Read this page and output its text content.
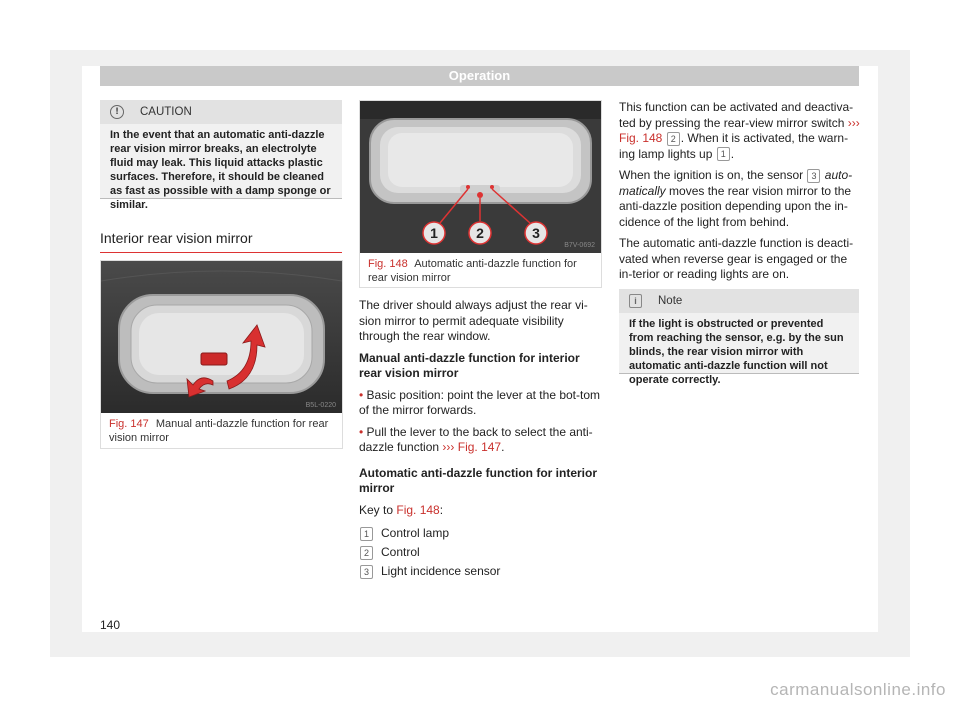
Operation
!	CAUTION
In the event that an automatic anti-dazzle rear vision mirror breaks, an electrolyte fluid may leak. This liquid attacks plastic surfaces. Therefore, it should be cleaned as fast as possible with a damp sponge or similar.
Interior rear vision mirror
B5L-0220
Fig. 147 Manual anti-dazzle function for rear vision mirror
1	2	3
B7V-0692
Fig. 148 Automatic anti-dazzle function for rear vision mirror

The driver should always adjust the rear vi-sion mirror to permit adequate visibility through the rear window.

Manual anti-dazzle function for interior rear vision mirror

• Basic position: point the lever at the bot-tom of the mirror forwards.

• Pull the lever to the back to select the anti-dazzle function ››› Fig. 147.

Automatic anti-dazzle function for interior mirror

Key to Fig. 148:

1	Control lamp
2	Control
3	Light incidence sensor

This function can be activated and deactiva-ted by pressing the rear-view mirror switch ››› Fig. 148 2 . When it is activated, the warn-ing lamp lights up 1 .

When the ignition is on, the sensor 3 auto-matically moves the rear vision mirror to the anti-dazzle position depending upon the in-cidence of the light from behind.

The automatic anti-dazzle function is deacti-vated when reverse gear is engaged or the in-terior or reading lights are on.

i	Note
If the light is obstructed or prevented from reaching the sensor, e.g. by the sun blinds, the rear vision mirror with automatic anti-dazzle function will not operate correctly.
140
carmanualsonline.info
